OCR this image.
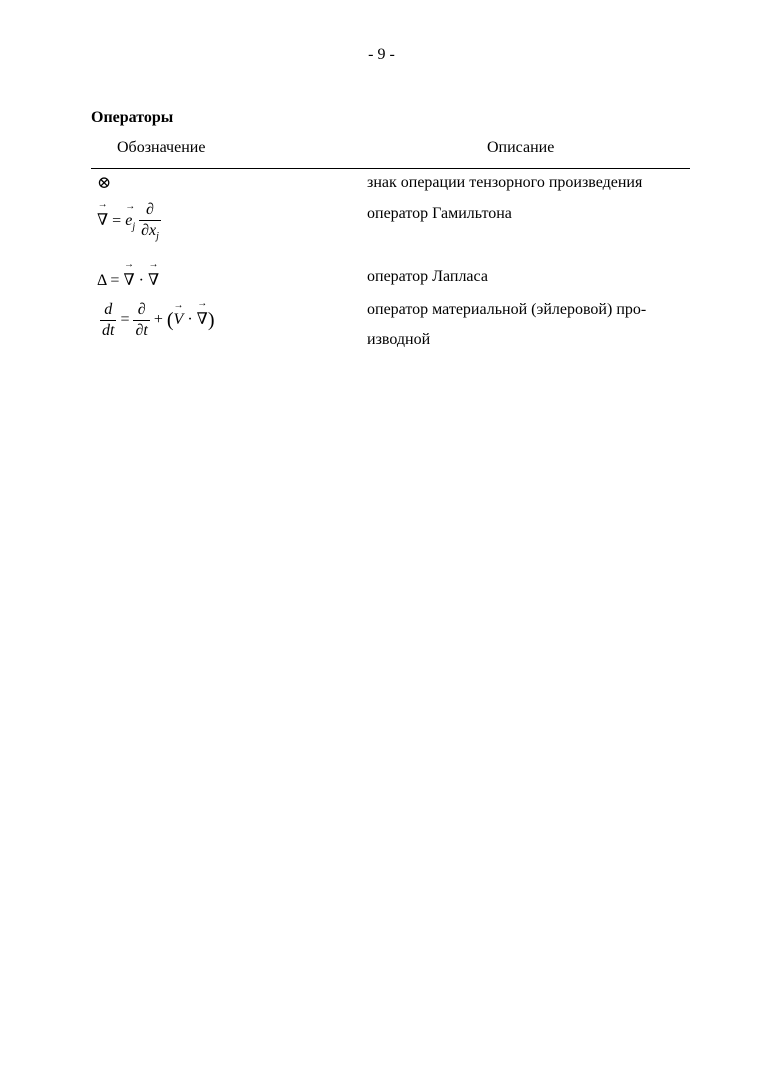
- 9 -
Операторы
Обозначение	Описание
⊗	знак операции тензорного произведения
→ ∇ = → $e_j \frac{\partial}{\partial x_j}$	оператор Гамильтона
Δ = → ∇ · → ∇	оператор Лапласа
$\frac{d}{dt} = \frac{\partial}{\partial t}$ + (→ V · → ∇)	оператор материальной (эйлеровой) про-изводной
